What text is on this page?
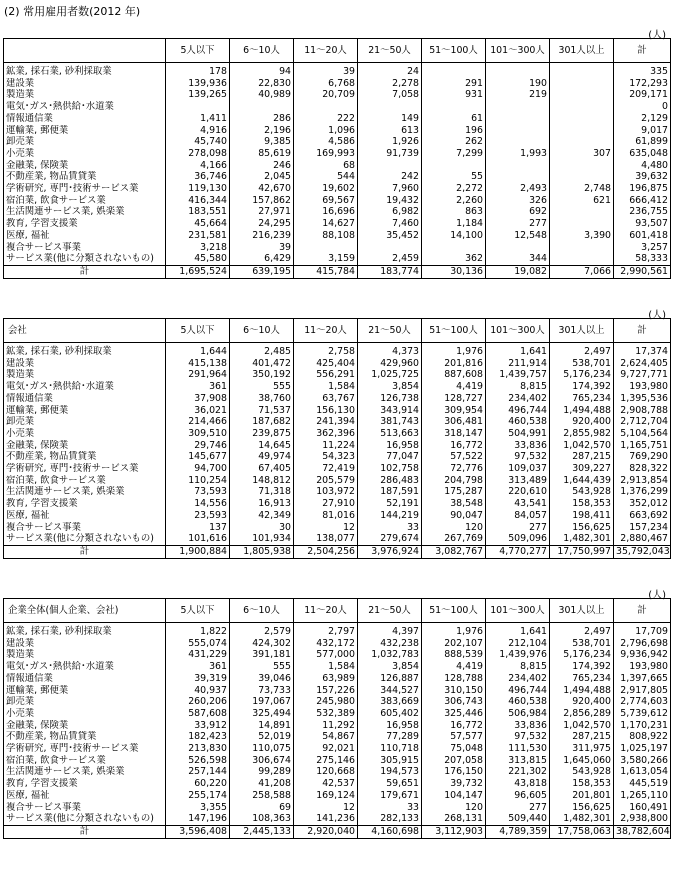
(2) 常用雇用者数(2012 年)
(人)
	5人以下	6～10人	11～20人	21～50人	51～100人	101～300人	301人以上	計
鉱業, 採石業, 砂利採取業	178	94	39	24				335
建設業	139,936	22,830	6,768	2,278	291	190		172,293
製造業	139,265	40,989	20,709	7,058	931	219		209,171
電気･ガス･熱供給･水道業								0
情報通信業	1,411	286	222	149	61			2,129
運輸業, 郵便業	4,916	2,196	1,096	613	196			9,017
卸売業	45,740	9,385	4,586	1,926	262			61,899
小売業	278,098	85,619	169,993	91,739	7,299	1,993	307	635,048
金融業, 保険業	4,166	246	68					4,480
不動産業, 物品賃貸業	36,746	2,045	544	242	55			39,632
学術研究, 専門･技術サービス業	119,130	42,670	19,602	7,960	2,272	2,493	2,748	196,875
宿泊業, 飲食サービス業	416,344	157,862	69,567	19,432	2,260	326	621	666,412
生活関連サービス業, 娯楽業	183,551	27,971	16,696	6,982	863	692		236,755
教育, 学習支援業	45,664	24,295	14,627	7,460	1,184	277		93,507
医療, 福祉	231,581	216,239	88,108	35,452	14,100	12,548	3,390	601,418
複合サービス事業	3,218	39						3,257
サービス業(他に分類されないもの)	45,580	6,429	3,159	2,459	362	344		58,333
計	1,695,524	639,195	415,784	183,774	30,136	19,082	7,066	2,990,561
(人)
会社	5人以下	6～10人	11～20人	21～50人	51～100人	101～300人	301人以上	計
鉱業, 採石業, 砂利採取業	1,644	2,485	2,758	4,373	1,976	1,641	2,497	17,374
建設業	415,138	401,472	425,404	429,960	201,816	211,914	538,701	2,624,405
製造業	291,964	350,192	556,291	1,025,725	887,608	1,439,757	5,176,234	9,727,771
電気･ガス･熱供給･水道業	361	555	1,584	3,854	4,419	8,815	174,392	193,980
情報通信業	37,908	38,760	63,767	126,738	128,727	234,402	765,234	1,395,536
運輸業, 郵便業	36,021	71,537	156,130	343,914	309,954	496,744	1,494,488	2,908,788
卸売業	214,466	187,682	241,394	381,743	306,481	460,538	920,400	2,712,704
小売業	309,510	239,875	362,396	513,663	318,147	504,991	2,855,982	5,104,564
金融業, 保険業	29,746	14,645	11,224	16,958	16,772	33,836	1,042,570	1,165,751
不動産業, 物品賃貸業	145,677	49,974	54,323	77,047	57,522	97,532	287,215	769,290
学術研究, 専門･技術サービス業	94,700	67,405	72,419	102,758	72,776	109,037	309,227	828,322
宿泊業, 飲食サービス業	110,254	148,812	205,579	286,483	204,798	313,489	1,644,439	2,913,854
生活関連サービス業, 娯楽業	73,593	71,318	103,972	187,591	175,287	220,610	543,928	1,376,299
教育, 学習支援業	14,556	16,913	27,910	52,191	38,548	43,541	158,353	352,012
医療, 福祉	23,593	42,349	81,016	144,219	90,047	84,057	198,411	663,692
複合サービス事業	137	30	12	33	120	277	156,625	157,234
サービス業(他に分類されないもの)	101,616	101,934	138,077	279,674	267,769	509,096	1,482,301	2,880,467
計	1,900,884	1,805,938	2,504,256	3,976,924	3,082,767	4,770,277	17,750,997	35,792,043
(人)
企業全体(個人企業、会社)	5人以下	6～10人	11～20人	21～50人	51～100人	101～300人	301人以上	計
鉱業, 採石業, 砂利採取業	1,822	2,579	2,797	4,397	1,976	1,641	2,497	17,709
建設業	555,074	424,302	432,172	432,238	202,107	212,104	538,701	2,796,698
製造業	431,229	391,181	577,000	1,032,783	888,539	1,439,976	5,176,234	9,936,942
電気･ガス･熱供給･水道業	361	555	1,584	3,854	4,419	8,815	174,392	193,980
情報通信業	39,319	39,046	63,989	126,887	128,788	234,402	765,234	1,397,665
運輸業, 郵便業	40,937	73,733	157,226	344,527	310,150	496,744	1,494,488	2,917,805
卸売業	260,206	197,067	245,980	383,669	306,743	460,538	920,400	2,774,603
小売業	587,608	325,494	532,389	605,402	325,446	506,984	2,856,289	5,739,612
金融業, 保険業	33,912	14,891	11,292	16,958	16,772	33,836	1,042,570	1,170,231
不動産業, 物品賃貸業	182,423	52,019	54,867	77,289	57,577	97,532	287,215	808,922
学術研究, 専門･技術サービス業	213,830	110,075	92,021	110,718	75,048	111,530	311,975	1,025,197
宿泊業, 飲食サービス業	526,598	306,674	275,146	305,915	207,058	313,815	1,645,060	3,580,266
生活関連サービス業, 娯楽業	257,144	99,289	120,668	194,573	176,150	221,302	543,928	1,613,054
教育, 学習支援業	60,220	41,208	42,537	59,651	39,732	43,818	158,353	445,519
医療, 福祉	255,174	258,588	169,124	179,671	104,147	96,605	201,801	1,265,110
複合サービス事業	3,355	69	12	33	120	277	156,625	160,491
サービス業(他に分類されないもの)	147,196	108,363	141,236	282,133	268,131	509,440	1,482,301	2,938,800
計	3,596,408	2,445,133	2,920,040	4,160,698	3,112,903	4,789,359	17,758,063	38,782,604
